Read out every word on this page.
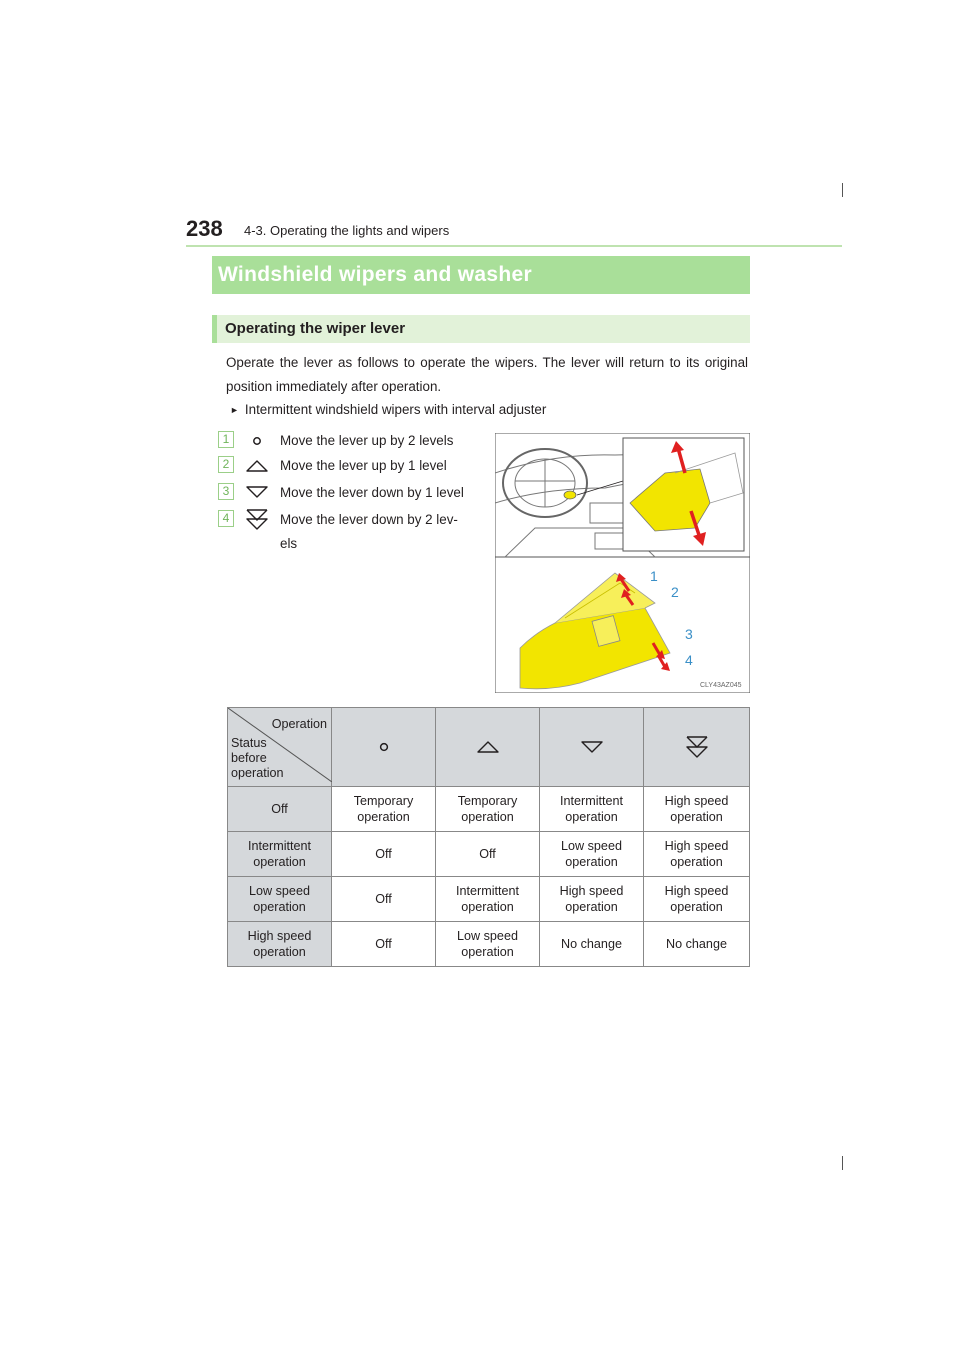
238 4-3. Operating the lights and wipers
Windshield wipers and washer
Operating the wiper lever

Operate the lever as follows to operate the wipers. The lever will return to its original position immediately after operation.

► Intermittent windshield wipers with interval adjuster
1	Move the lever up by 2 levels
2	Move the lever up by 1 level
3	Move the lever down by 1 level
4	Move the lever down by 2 lev- els
1
2
3
4
CLY43AZ045
Operation
Status
before
operation

Off	Temporary operation	Temporary operation	Intermittent operation	High speed operation
Intermittent operation	Off	Off	Low speed operation	High speed operation
Low speed operation	Off	Intermittent operation	High speed operation	High speed operation
High speed operation	Off	Low speed operation	No change	No change
